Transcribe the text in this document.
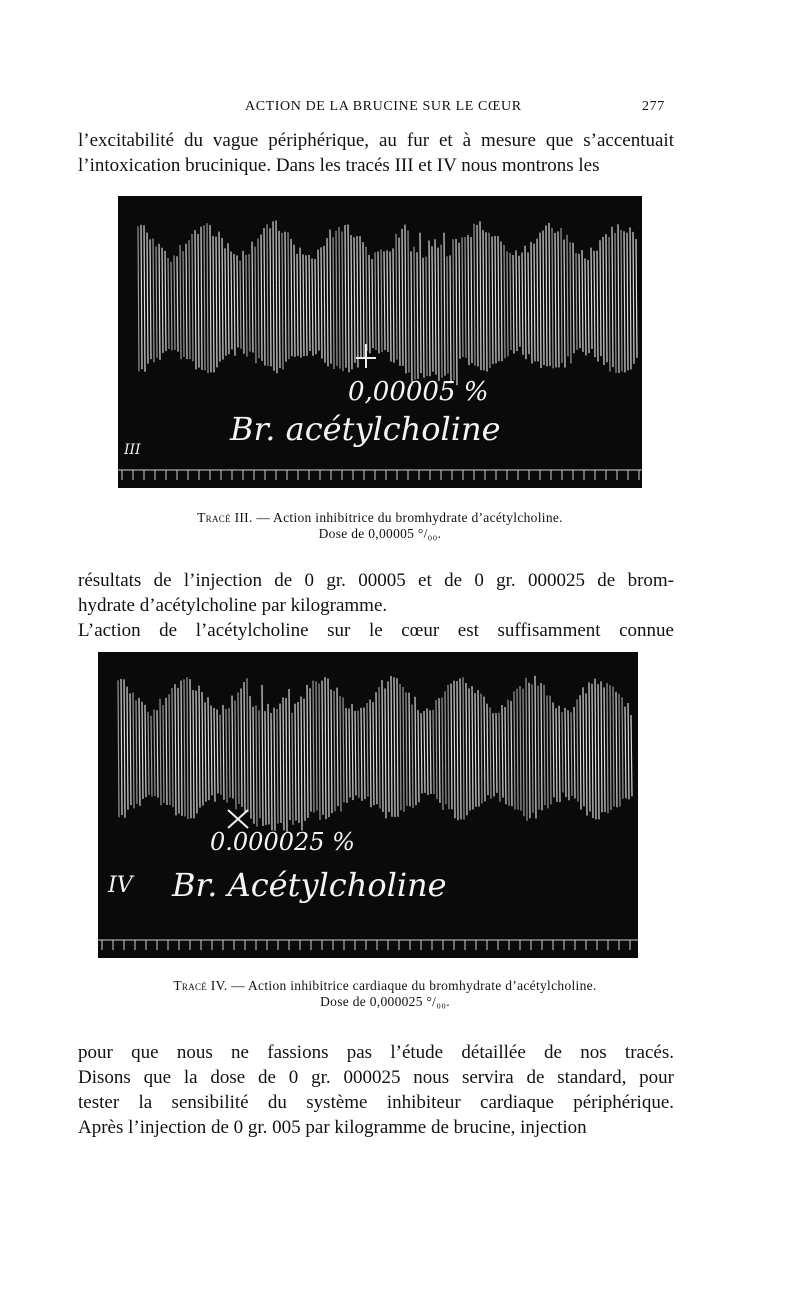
ACTION DE LA BRUCINE SUR LE CŒUR	277

l’excitabilité du vague périphérique, au fur et à mesure que s’accentuait
l’intoxication brucinique. Dans les tracés III et IV nous montrons les

0,00005 %
Br. acétylcholine
III
Tracé III. — Action inhibitrice du bromhydrate d’acétylcholine.
Dose de 0,00005 °/₀₀.

résultats de l’injection de 0 gr. 00005 et de 0 gr. 000025 de brom-
hydrate d’acétylcholine par kilogramme.
L’action de l’acétylcholine sur le cœur est suffisamment connue

0.000025 %
Br. Acétylcholine
IV
Tracé IV. — Action inhibitrice cardiaque du bromhydrate d’acétylcholine.
Dose de 0,000025 °/₀₀.

pour que nous ne fassions pas l’étude détaillée de nos tracés.
Disons que la dose de 0 gr. 000025 nous servira de standard, pour
tester la sensibilité du système inhibiteur cardiaque périphérique.
Après l’injection de 0 gr. 005 par kilogramme de brucine, injection
